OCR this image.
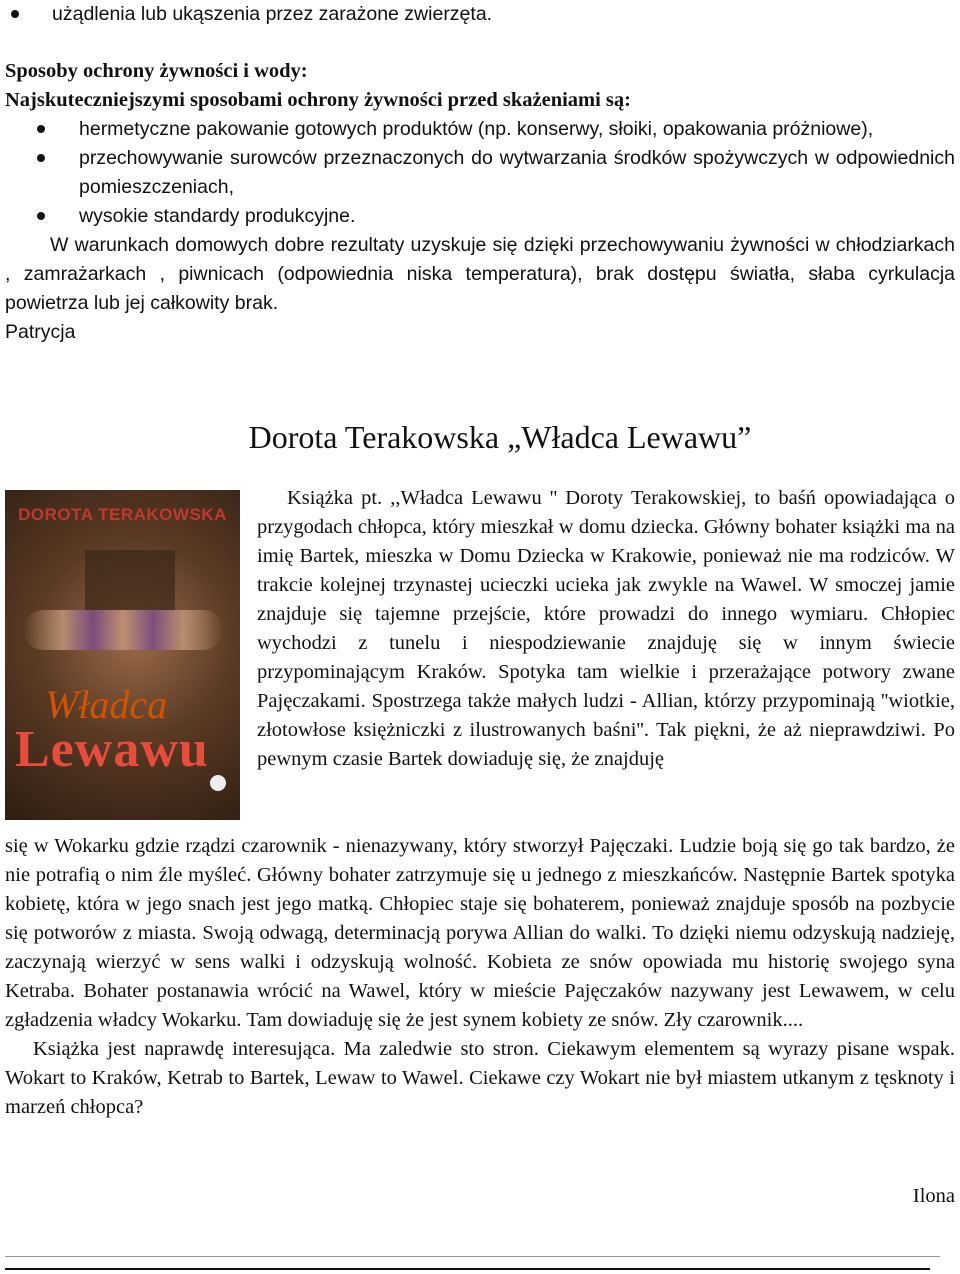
użądlenia lub ukąszenia przez zarażone zwierzęta.
Sposoby ochrony żywności i wody:
Najskuteczniejszymi sposobami ochrony żywności przed skażeniami są:
hermetyczne pakowanie gotowych produktów (np. konserwy, słoiki, opakowania próżniowe),
przechowywanie surowców przeznaczonych do wytwarzania środków spożywczych w odpowiednich pomieszczeniach,
wysokie standardy produkcyjne.
W warunkach domowych dobre rezultaty uzyskuje się dzięki przechowywaniu żywności w chłodziarkach , zamrażarkach , piwnicach (odpowiednia niska temperatura), brak dostępu światła, słaba cyrkulacja powietrza lub jej całkowity brak.
Patrycja
Dorota Terakowska „Władca Lewawu”
DOROTA TERAKOWSKA
Władca
Lewawu
Książka pt. ,,Władca Lewawu '' Doroty Terakowskiej, to baśń opowiadająca o przygodach chłopca, który mieszkał w domu dziecka. Główny bohater książki ma na imię Bartek, mieszka w Domu Dziecka w Krakowie, ponieważ nie ma rodziców. W trakcie kolejnej trzynastej ucieczki ucieka jak zwykle na Wawel. W smoczej jamie znajduje się tajemne przejście, które prowadzi do innego wymiaru. Chłopiec wychodzi z tunelu i niespodziewanie znajduję się w innym świecie przypominającym Kraków. Spotyka tam wielkie i przerażające potwory zwane Pajęczakami. Spostrzega także małych ludzi - Allian, którzy przypominają ''wiotkie, złotowłose księżniczki z ilustrowanych baśni''. Tak piękni, że aż nieprawdziwi. Po pewnym czasie Bartek dowiaduję się, że znajduję
się w Wokarku gdzie rządzi czarownik - nienazywany, który stworzył Pajęczaki. Ludzie boją się go tak bardzo, że nie potrafią o nim źle myśleć. Główny bohater zatrzymuje się u jednego z mieszkańców. Następnie Bartek spotyka kobietę, która w jego snach jest jego matką. Chłopiec staje się bohaterem, ponieważ znajduje sposób na pozbycie się potworów z miasta. Swoją odwagą, determinacją porywa Allian do walki. To dzięki niemu odzyskują nadzieję, zaczynają wierzyć w sens walki i odzyskują wolność. Kobieta ze snów opowiada mu historię swojego syna Ketraba. Bohater postanawia wrócić na Wawel, który w mieście Pajęczaków nazywany jest Lewawem, w celu zgładzenia władcy Wokarku. Tam dowiaduję się że jest synem kobiety ze snów. Zły czarownik....
Książka jest naprawdę interesująca. Ma zaledwie sto stron. Ciekawym elementem są wyrazy pisane wspak. Wokart to Kraków, Ketrab to Bartek, Lewaw to Wawel. Ciekawe czy Wokart nie był miastem utkanym z tęsknoty i marzeń chłopca?
Ilona
